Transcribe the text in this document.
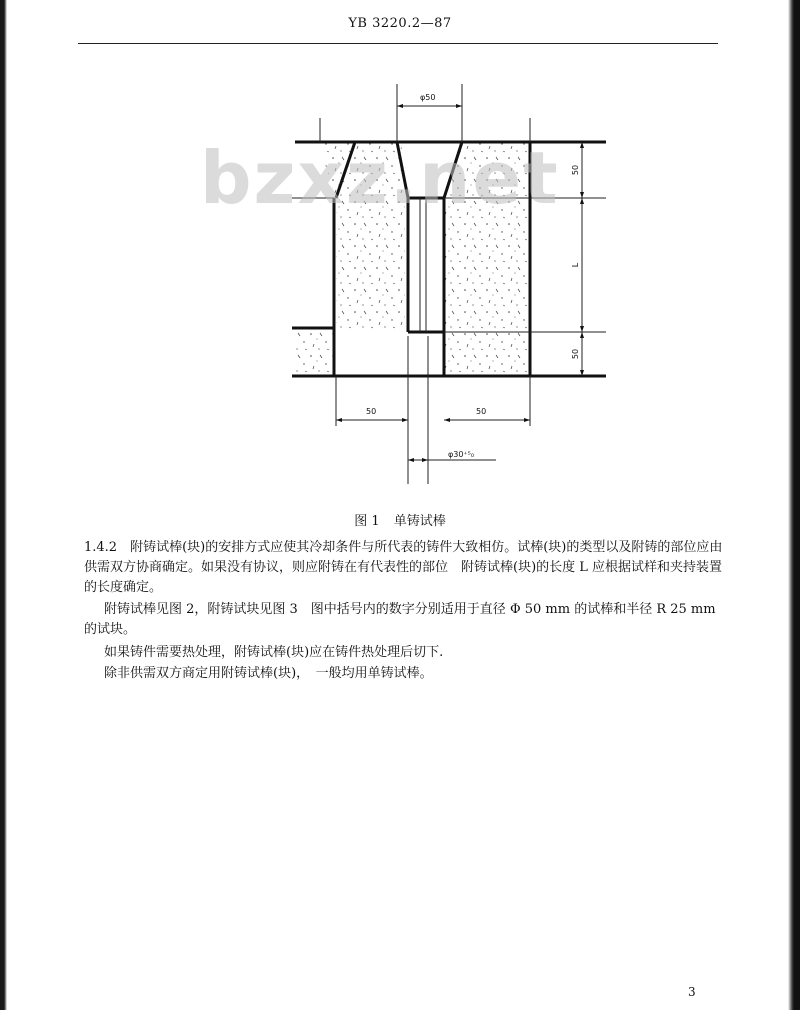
YB 3220.2—87
φ50
50
L
50
50	50
φ30⁺⁵₀
bzxz.net
图 1 单铸试棒

1.4.2　附铸试棒(块)的安排方式应使其冷却条件与所代表的铸件大致相仿。试棒(块)的类型以及附铸的部位应由供需双方协商确定。如果没有协议，则应附铸在有代表性的部位　附铸试棒(块)的长度 L 应根据试样和夹持装置的长度确定。

附铸试棒见图 2，附铸试块见图 3　图中括号内的数字分别适用于直径 Φ 50 mm 的试棒和半径 R 25 mm 的试块。

如果铸件需要热处理，附铸试棒(块)应在铸件热处理后切下.

除非供需双方商定用附铸试棒(块)，　一般均用单铸试棒。

3
